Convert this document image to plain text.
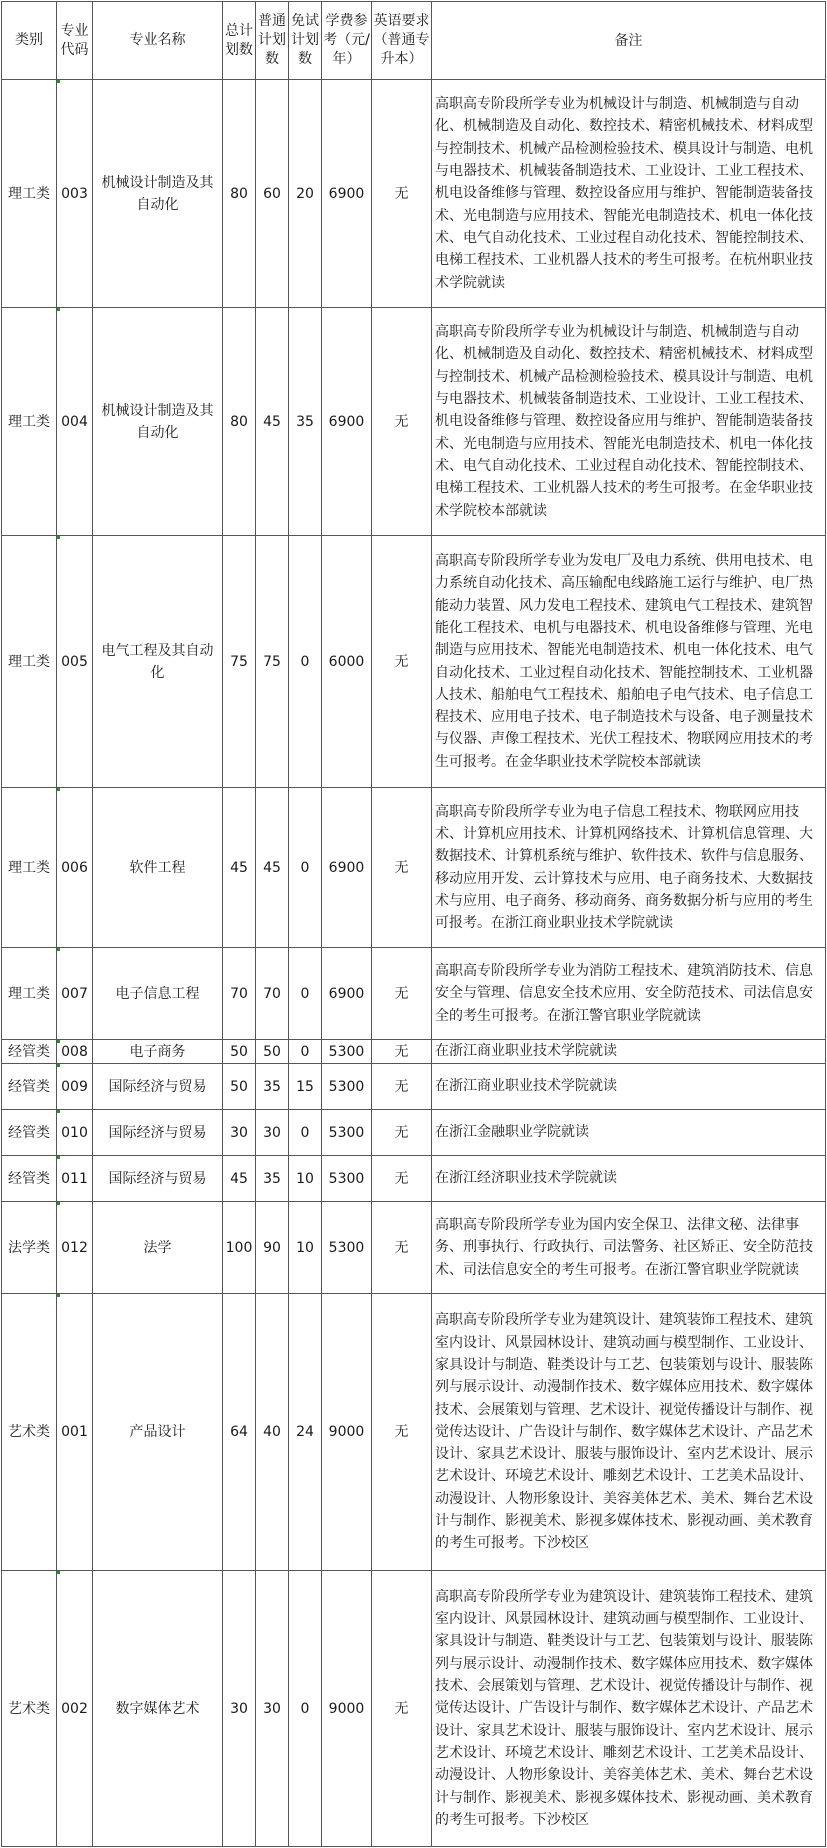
类别	专业代码	专业名称	总计划数	普通计划数	免试计划数	学费参考（元/年）	英语要求（普通专升本）	备注
理工类	003	机械设计制造及其自动化	80	60	20	6900	无	高职高专阶段所学专业为机械设计与制造、机械制造与自动化、机械制造及自动化、数控技术、精密机械技术、材料成型与控制技术、机械产品检测检验技术、模具设计与制造、电机与电器技术、机械装备制造技术、工业设计、工业工程技术、机电设备维修与管理、数控设备应用与维护、智能制造装备技术、光电制造与应用技术、智能光电制造技术、机电一体化技术、电气自动化技术、工业过程自动化技术、智能控制技术、电梯工程技术、工业机器人技术的考生可报考。在杭州职业技术学院就读
理工类	004	机械设计制造及其自动化	80	45	35	6900	无	高职高专阶段所学专业为机械设计与制造、机械制造与自动化、机械制造及自动化、数控技术、精密机械技术、材料成型与控制技术、机械产品检测检验技术、模具设计与制造、电机与电器技术、机械装备制造技术、工业设计、工业工程技术、机电设备维修与管理、数控设备应用与维护、智能制造装备技术、光电制造与应用技术、智能光电制造技术、机电一体化技术、电气自动化技术、工业过程自动化技术、智能控制技术、电梯工程技术、工业机器人技术的考生可报考。在金华职业技术学院校本部就读
理工类	005	电气工程及其自动化	75	75	0	6000	无	高职高专阶段所学专业为发电厂及电力系统、供用电技术、电力系统自动化技术、高压输配电线路施工运行与维护、电厂热能动力装置、风力发电工程技术、建筑电气工程技术、建筑智能化工程技术、电机与电器技术、机电设备维修与管理、光电制造与应用技术、智能光电制造技术、机电一体化技术、电气自动化技术、工业过程自动化技术、智能控制技术、工业机器人技术、船舶电气工程技术、船舶电子电气技术、电子信息工程技术、应用电子技术、电子制造技术与设备、电子测量技术与仪器、声像工程技术、光伏工程技术、物联网应用技术的考生可报考。在金华职业技术学院校本部就读
理工类	006	软件工程	45	45	0	6900	无	高职高专阶段所学专业为电子信息工程技术、物联网应用技术、计算机应用技术、计算机网络技术、计算机信息管理、大数据技术、计算机系统与维护、软件技术、软件与信息服务、移动应用开发、云计算技术与应用、电子商务技术、大数据技术与应用、电子商务、移动商务、商务数据分析与应用的考生可报考。在浙江商业职业技术学院就读
理工类	007	电子信息工程	70	70	0	6900	无	高职高专阶段所学专业为消防工程技术、建筑消防技术、信息安全与管理、信息安全技术应用、安全防范技术、司法信息安全的考生可报考。在浙江警官职业学院就读
经管类	008	电子商务	50	50	0	5300	无	在浙江商业职业技术学院就读
经管类	009	国际经济与贸易	50	35	15	5300	无	在浙江商业职业技术学院就读
经管类	010	国际经济与贸易	30	30	0	5300	无	在浙江金融职业学院就读
经管类	011	国际经济与贸易	45	35	10	5300	无	在浙江经济职业技术学院就读
法学类	012	法学	100	90	10	5300	无	高职高专阶段所学专业为国内安全保卫、法律文秘、法律事务、刑事执行、行政执行、司法警务、社区矫正、安全防范技术、司法信息安全的考生可报考。在浙江警官职业学院就读
艺术类	001	产品设计	64	40	24	9000	无	高职高专阶段所学专业为建筑设计、建筑装饰工程技术、建筑室内设计、风景园林设计、建筑动画与模型制作、工业设计、家具设计与制造、鞋类设计与工艺、包装策划与设计、服装陈列与展示设计、动漫制作技术、数字媒体应用技术、数字媒体技术、会展策划与管理、艺术设计、视觉传播设计与制作、视觉传达设计、广告设计与制作、数字媒体艺术设计、产品艺术设计、家具艺术设计、服装与服饰设计、室内艺术设计、展示艺术设计、环境艺术设计、雕刻艺术设计、工艺美术品设计、动漫设计、人物形象设计、美容美体艺术、美术、舞台艺术设计与制作、影视美术、影视多媒体技术、影视动画、美术教育的考生可报考。下沙校区
艺术类	002	数字媒体艺术	30	30	0	9000	无	高职高专阶段所学专业为建筑设计、建筑装饰工程技术、建筑室内设计、风景园林设计、建筑动画与模型制作、工业设计、家具设计与制造、鞋类设计与工艺、包装策划与设计、服装陈列与展示设计、动漫制作技术、数字媒体应用技术、数字媒体技术、会展策划与管理、艺术设计、视觉传播设计与制作、视觉传达设计、广告设计与制作、数字媒体艺术设计、产品艺术设计、家具艺术设计、服装与服饰设计、室内艺术设计、展示艺术设计、环境艺术设计、雕刻艺术设计、工艺美术品设计、动漫设计、人物形象设计、美容美体艺术、美术、舞台艺术设计与制作、影视美术、影视多媒体技术、影视动画、美术教育的考生可报考。下沙校区
